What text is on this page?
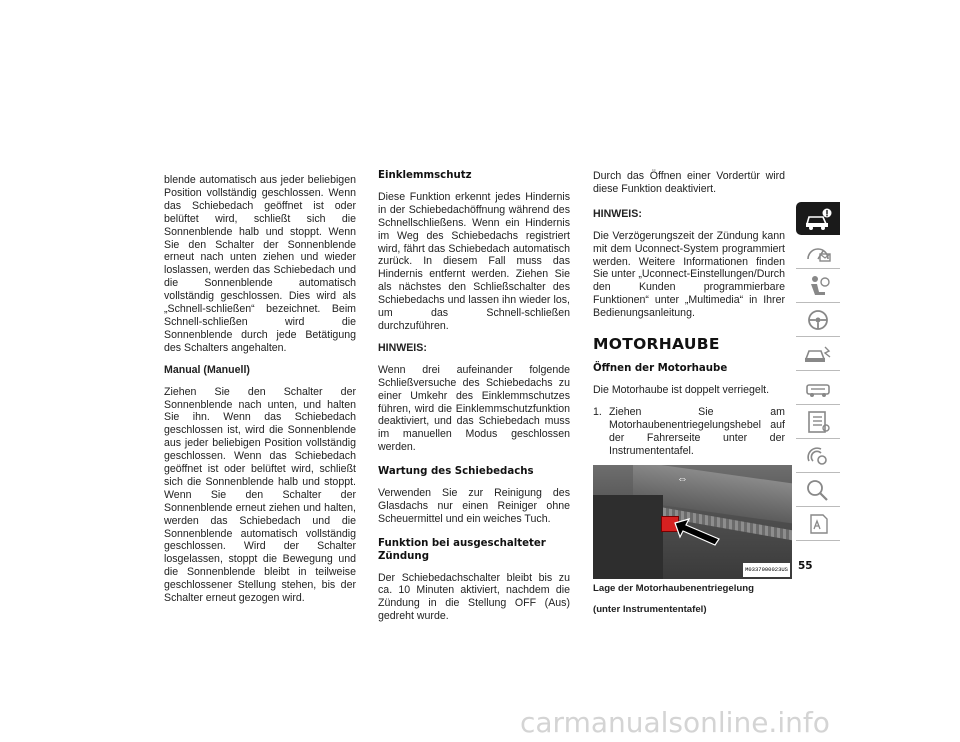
blende automatisch aus jeder beliebigen Position vollständig geschlossen. Wenn das Schiebedach geöffnet ist oder belüftet wird, schließt sich die Sonnenblende halb und stoppt. Wenn Sie den Schalter der Sonnenblende erneut nach unten ziehen und wieder loslassen, werden das Schiebedach und die Sonnenblende automatisch vollständig geschlossen. Dies wird als „Schnell-schließen“ bezeichnet. Beim Schnell-schließen wird die Sonnenblende durch jede Betätigung des Schalters angehalten.

Manual (Manuell)

Ziehen Sie den Schalter der Sonnenblende nach unten, und halten Sie ihn. Wenn das Schiebedach geschlossen ist, wird die Sonnenblende aus jeder beliebigen Position vollständig geschlossen. Wenn das Schiebedach geöffnet ist oder belüftet wird, schließt sich die Sonnenblende halb und stoppt. Wenn Sie den Schalter der Sonnenblende erneut ziehen und halten, werden das Schiebedach und die Sonnenblende automatisch vollständig geschlossen. Wird der Schalter losgelassen, stoppt die Bewegung und die Sonnenblende bleibt in teilweise geschlossener Stellung stehen, bis der Schalter erneut gezogen wird.

Einklemmschutz

Diese Funktion erkennt jedes Hindernis in der Schiebedachöffnung während des Schnellschließens. Wenn ein Hindernis im Weg des Schiebedachs registriert wird, fährt das Schiebedach automatisch zurück. In diesem Fall muss das Hindernis entfernt werden. Ziehen Sie als nächstes den Schließschalter des Schiebedachs und lassen ihn wieder los, um das Schnell-schließen durchzuführen.

HINWEIS:

Wenn drei aufeinander folgende Schließversuche des Schiebedachs zu einer Umkehr des Einklemmschutzes führen, wird die Einklemmschutzfunktion deaktiviert, und das Schiebedach muss im manuellen Modus geschlossen werden.

Wartung des Schiebedachs

Verwenden Sie zur Reinigung des Glasdachs nur einen Reiniger ohne Scheuermittel und ein weiches Tuch.

Funktion bei ausgeschalteter Zündung

Der Schiebedachschalter bleibt bis zu ca. 10 Minuten aktiviert, nachdem die Zündung in die Stellung OFF (Aus) gedreht wurde.

Durch das Öffnen einer Vordertür wird diese Funktion deaktiviert.

HINWEIS:

Die Verzögerungszeit der Zündung kann mit dem Uconnect-System programmiert werden. Weitere Informationen finden Sie unter „Uconnect-Einstellungen/Durch den Kunden programmierbare Funktionen“ unter „Multimedia“ in Ihrer Bedienungsanleitung.

MOTORHAUBE
Öffnen der Motorhaube

Die Motorhaube ist doppelt verriegelt.

1. Ziehen Sie am Motorhaubenentriegelungshebel auf der Fahrerseite unter der Instrumententafel.
⇔
M0337000023US

Lage der Motorhaubenentriegelung

(unter Instrumententafel)

55
carmanualsonline.info
